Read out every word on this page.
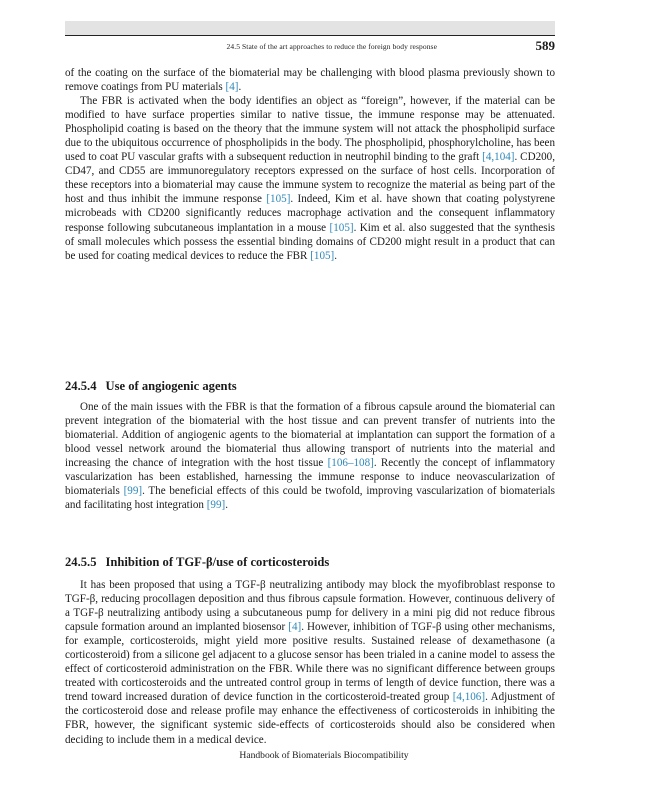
24.5 State of the art approaches to reduce the foreign body response	589

of the coating on the surface of the biomaterial may be challenging with blood plasma previously shown to remove coatings from PU materials [4].

The FBR is activated when the body identifies an object as “foreign”, however, if the material can be modified to have surface properties similar to native tissue, the immune response may be attenuated. Phospholipid coating is based on the theory that the immune system will not attack the phospholipid surface due to the ubiquitous occurrence of phospholipids in the body. The phospholipid, phosphorylcholine, has been used to coat PU vascular grafts with a subsequent reduction in neutrophil binding to the graft [4,104]. CD200, CD47, and CD55 are immunoregulatory receptors expressed on the surface of host cells. Incorporation of these receptors into a biomaterial may cause the immune system to recognize the material as being part of the host and thus inhibit the immune response [105]. Indeed, Kim et al. have shown that coating polystyrene microbeads with CD200 significantly reduces macrophage activation and the consequent inflammatory response following subcutaneous implantation in a mouse [105]. Kim et al. also suggested that the synthesis of small molecules which possess the essential binding domains of CD200 might result in a product that can be used for coating medical devices to reduce the FBR [105].

24.5.4 Use of angiogenic agents

One of the main issues with the FBR is that the formation of a fibrous capsule around the biomaterial can prevent integration of the biomaterial with the host tissue and can prevent transfer of nutrients into the biomaterial. Addition of angiogenic agents to the biomaterial at implantation can support the formation of a blood vessel network around the biomaterial thus allowing transport of nutrients into the material and increasing the chance of integration with the host tissue [106–108]. Recently the concept of inflammatory vascularization has been established, harnessing the immune response to induce neovascularization of biomaterials [99]. The beneficial effects of this could be twofold, improving vascularization of biomaterials and facilitating host integration [99].

24.5.5 Inhibition of TGF-β/use of corticosteroids

It has been proposed that using a TGF-β neutralizing antibody may block the myofibroblast response to TGF-β, reducing procollagen deposition and thus fibrous capsule formation. However, continuous delivery of a TGF-β neutralizing antibody using a subcutaneous pump for delivery in a mini pig did not reduce fibrous capsule formation around an implanted biosensor [4]. However, inhibition of TGF-β using other mechanisms, for example, corticosteroids, might yield more positive results. Sustained release of dexamethasone (a corticosteroid) from a silicone gel adjacent to a glucose sensor has been trialed in a canine model to assess the effect of corticosteroid administration on the FBR. While there was no significant difference between groups treated with corticosteroids and the untreated control group in terms of length of device function, there was a trend toward increased duration of device function in the corticosteroid-treated group [4,106]. Adjustment of the corticosteroid dose and release profile may enhance the effectiveness of corticosteroids in inhibiting the FBR, however, the significant systemic side-effects of corticosteroids should also be considered when deciding to include them in a medical device.

Handbook of Biomaterials Biocompatibility
